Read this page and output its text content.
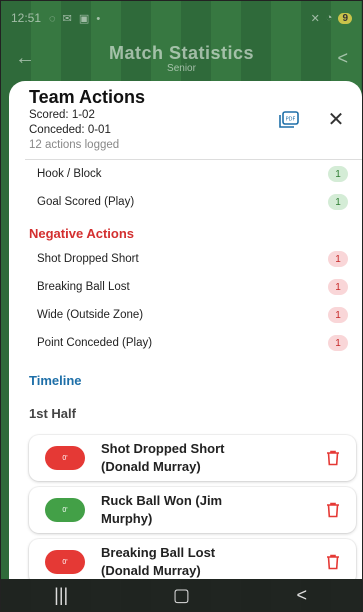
12:51 ◌ ✉ ▣ •	✕ ◔	9
←	Match Statistics
Senior
<
Team Actions
Scored: 1-02
Conceded: 0-01
12 actions logged
PDF ✕
Hook / Block	1
Goal Scored (Play)	1
Negative Actions
Shot Dropped Short	1
Breaking Ball Lost	1
Wide (Outside Zone)	1
Point Conceded (Play)	1
Timeline
1st Half
0'
Shot Dropped Short
(Donald Murray)
0'
Ruck Ball Won (Jim
Murphy)
0'
Breaking Ball Lost
(Donald Murray)
|||	▢	<
